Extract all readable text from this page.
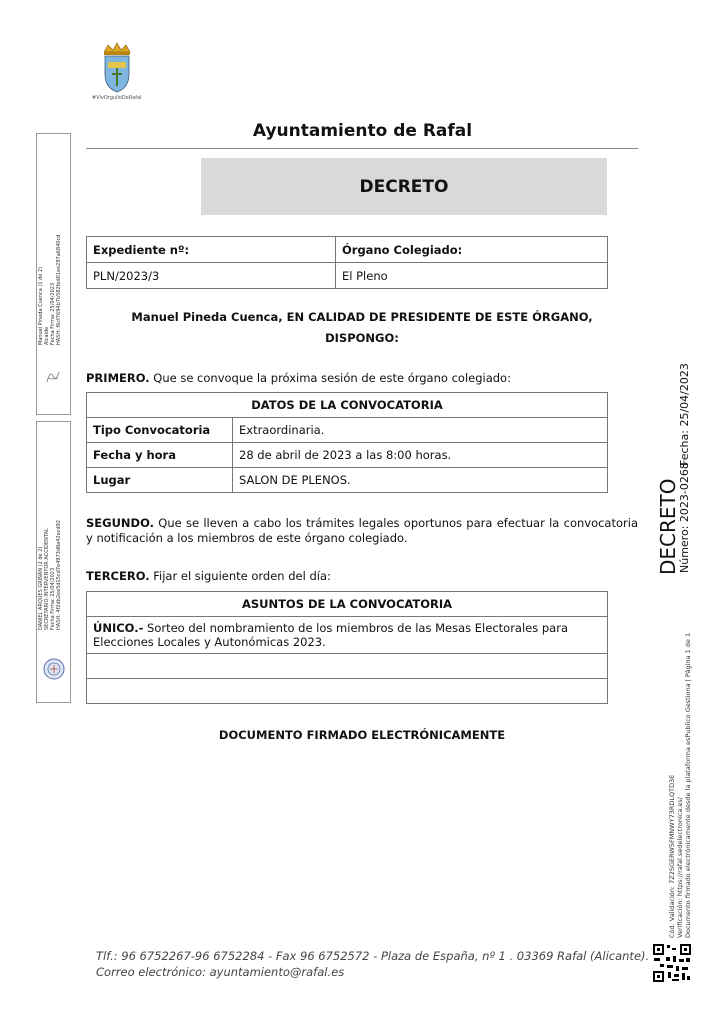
#VivOrgulloDeRafal
Ayuntamiento de Rafal
DECRETO
Expediente nº:	Órgano Colegiado:
PLN/2023/3	El Pleno
Manuel Pineda Cuenca, EN CALIDAD DE PRESIDENTE DE ESTE ÓRGANO,
DISPONGO:
PRIMERO. Que se convoque la próxima sesión de este órgano colegiado:
DATOS DE LA CONVOCATORIA	
Tipo Convocatoria	Extraordinaria.
Fecha y hora	28 de abril de 2023 a las 8:00 horas.
Lugar	SALON DE PLENOS.
SEGUNDO. Que se lleven a cabo los trámites legales oportunos para efectuar la convocatoria y notificación a los miembros de este órgano colegiado.
TERCERO. Fijar el siguiente orden del día:
ASUNTOS DE LA CONVOCATORIA
ÚNICO.- Sorteo del nombramiento de los miembros de las Mesas Electorales para Elecciones Locales y Autonómicas 2023.

DOCUMENTO FIRMADO ELECTRÓNICAMENTE
Tlf.: 96 6752267-96 6752284 - Fax 96 6752572 - Plaza de España, nº 1 . 03369 Rafal (Alicante).
Correo electrónico: ayuntamiento@rafal.es
Manuel Pineda Cuenca (1 de 2) Alcalde Fecha Firma: 25/04/2023 HASH: f6cf7694b7b582fed01ee297a6840cd
DANIEL ARQUES GRIÑÁN (2 de 2) SECRETARIO-INTERVENTOR ACCIDENTAL Fecha Firma: 25/04/2023 HASH: 4f2db2ee5d15cd7e4973d8a42ecd92	DECRETO
Número: 2023-0268
Fecha: 25/04/2023
Cód. Validación: 7Z2SGERW5FMNWY73RDLQTD3E Verificación: https://rafal.sedelectronica.es/ Documento firmado electrónicamente desde la plataforma esPublico Gestiona | Página 1 de 1
